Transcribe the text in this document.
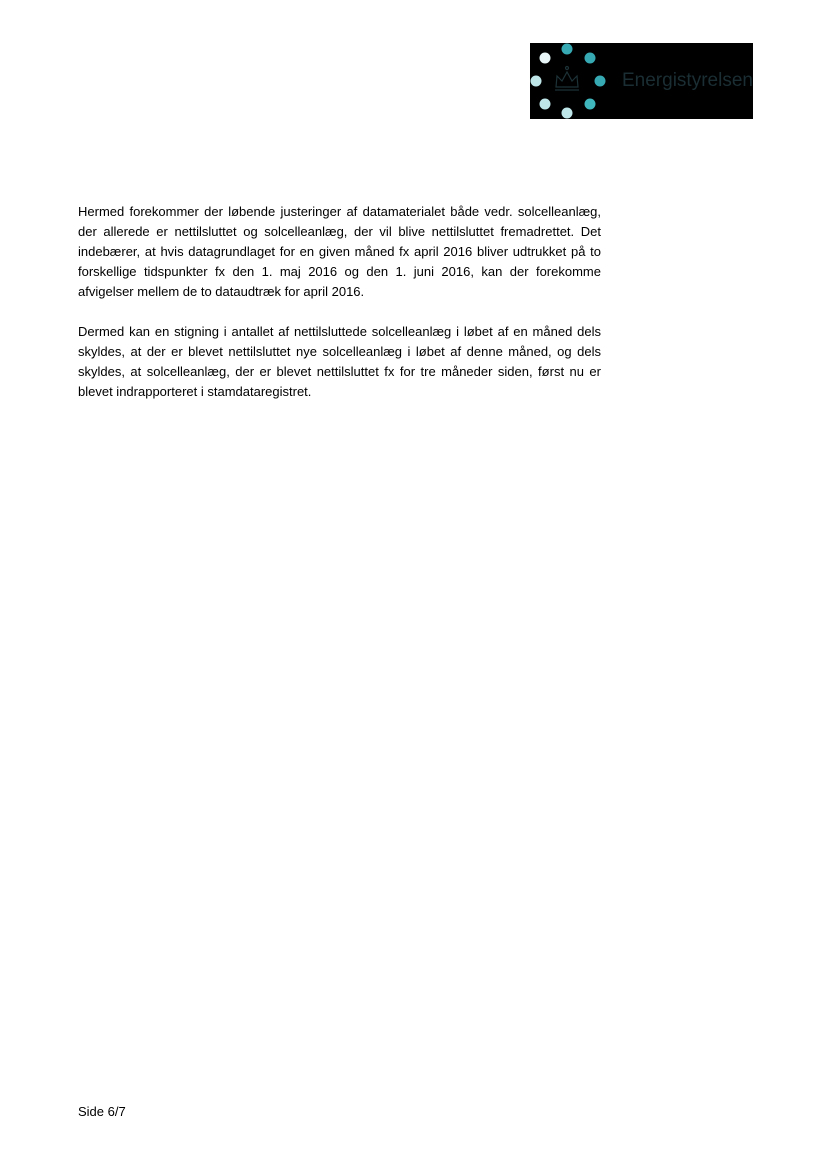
Energistyrelsen

Hermed forekommer der løbende justeringer af datamaterialet både vedr. solcelleanlæg, der allerede er nettilsluttet og solcelleanlæg, der vil blive nettilsluttet fremadrettet. Det indebærer, at hvis datagrundlaget for en given måned fx april 2016 bliver udtrukket på to forskellige tidspunkter fx den 1. maj 2016 og den 1. juni 2016, kan der forekomme afvigelser mellem de to dataudtræk for april 2016.

Dermed kan en stigning i antallet af nettilsluttede solcelleanlæg i løbet af en måned dels skyldes, at der er blevet nettilsluttet nye solcelleanlæg i løbet af denne måned, og dels skyldes, at solcelleanlæg, der er blevet nettilsluttet fx for tre måneder siden, først nu er blevet indrapporteret i stamdataregistret.

Side 6/7
